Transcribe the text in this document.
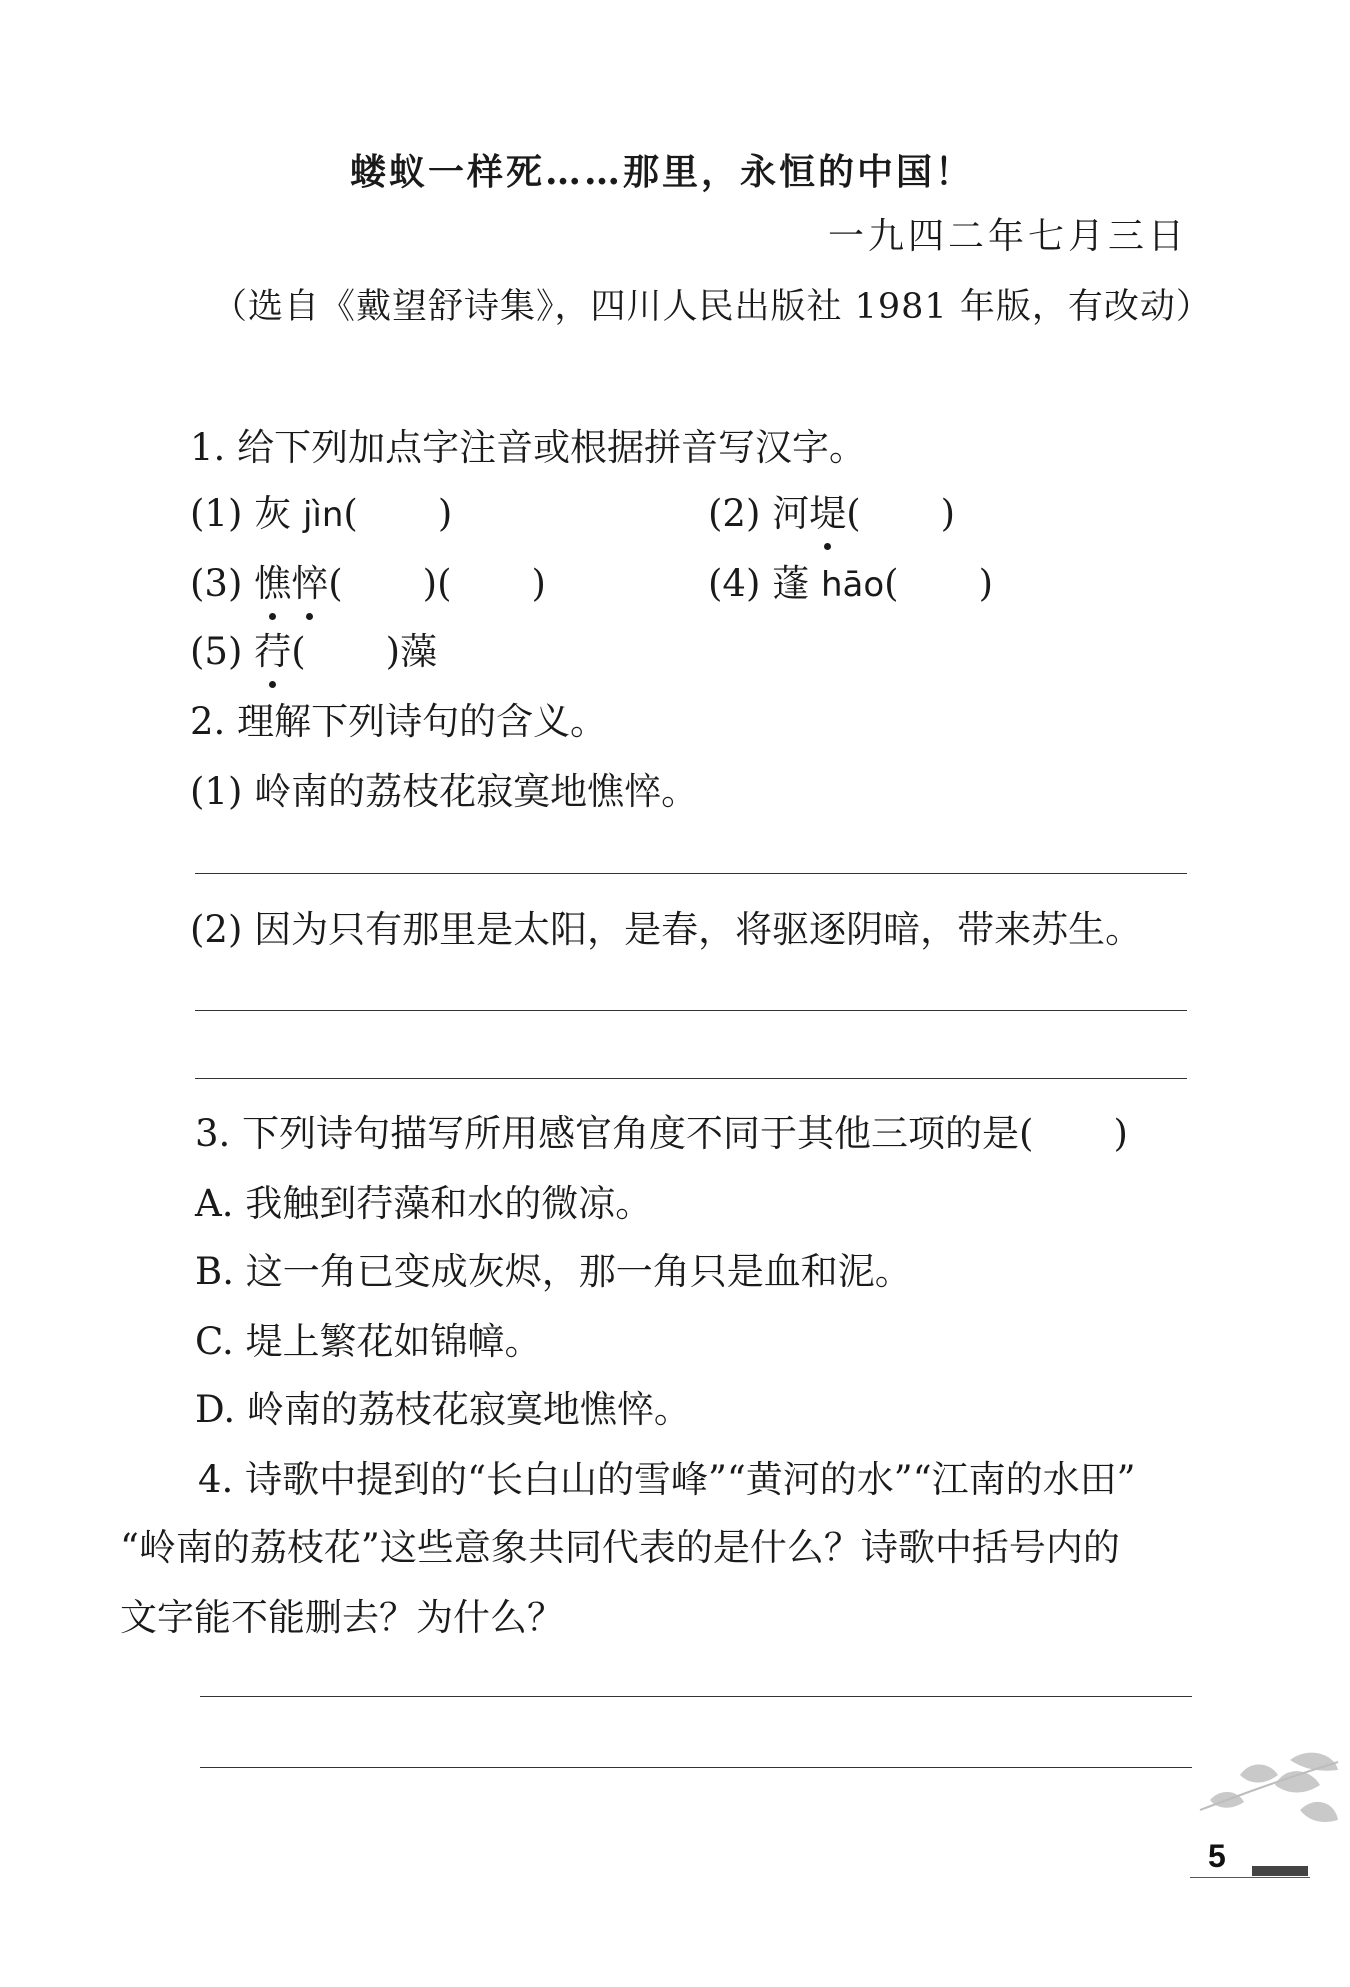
蝼蚁一样死……那里，永恒的中国！
一九四二年七月三日
（选自《戴望舒诗集》，四川人民出版社 1981 年版，有改动）
1. 给下列加点字注音或根据拼音写汉字。
(1) 灰 jìn( )	(2) 河堤( )
(3) 憔悴( )( )	(4) 蓬 hāo( )
(5) 荇( )藻
2. 理解下列诗句的含义。
(1) 岭南的荔枝花寂寞地憔悴。
(2) 因为只有那里是太阳，是春，将驱逐阴暗，带来苏生。
3. 下列诗句描写所用感官角度不同于其他三项的是( )
A. 我触到荇藻和水的微凉。
B. 这一角已变成灰烬，那一角只是血和泥。
C. 堤上繁花如锦幛。
D. 岭南的荔枝花寂寞地憔悴。
4. 诗歌中提到的“长白山的雪峰”“黄河的水”“江南的水田”
“岭南的荔枝花”这些意象共同代表的是什么？诗歌中括号内的
文字能不能删去？为什么？
5
